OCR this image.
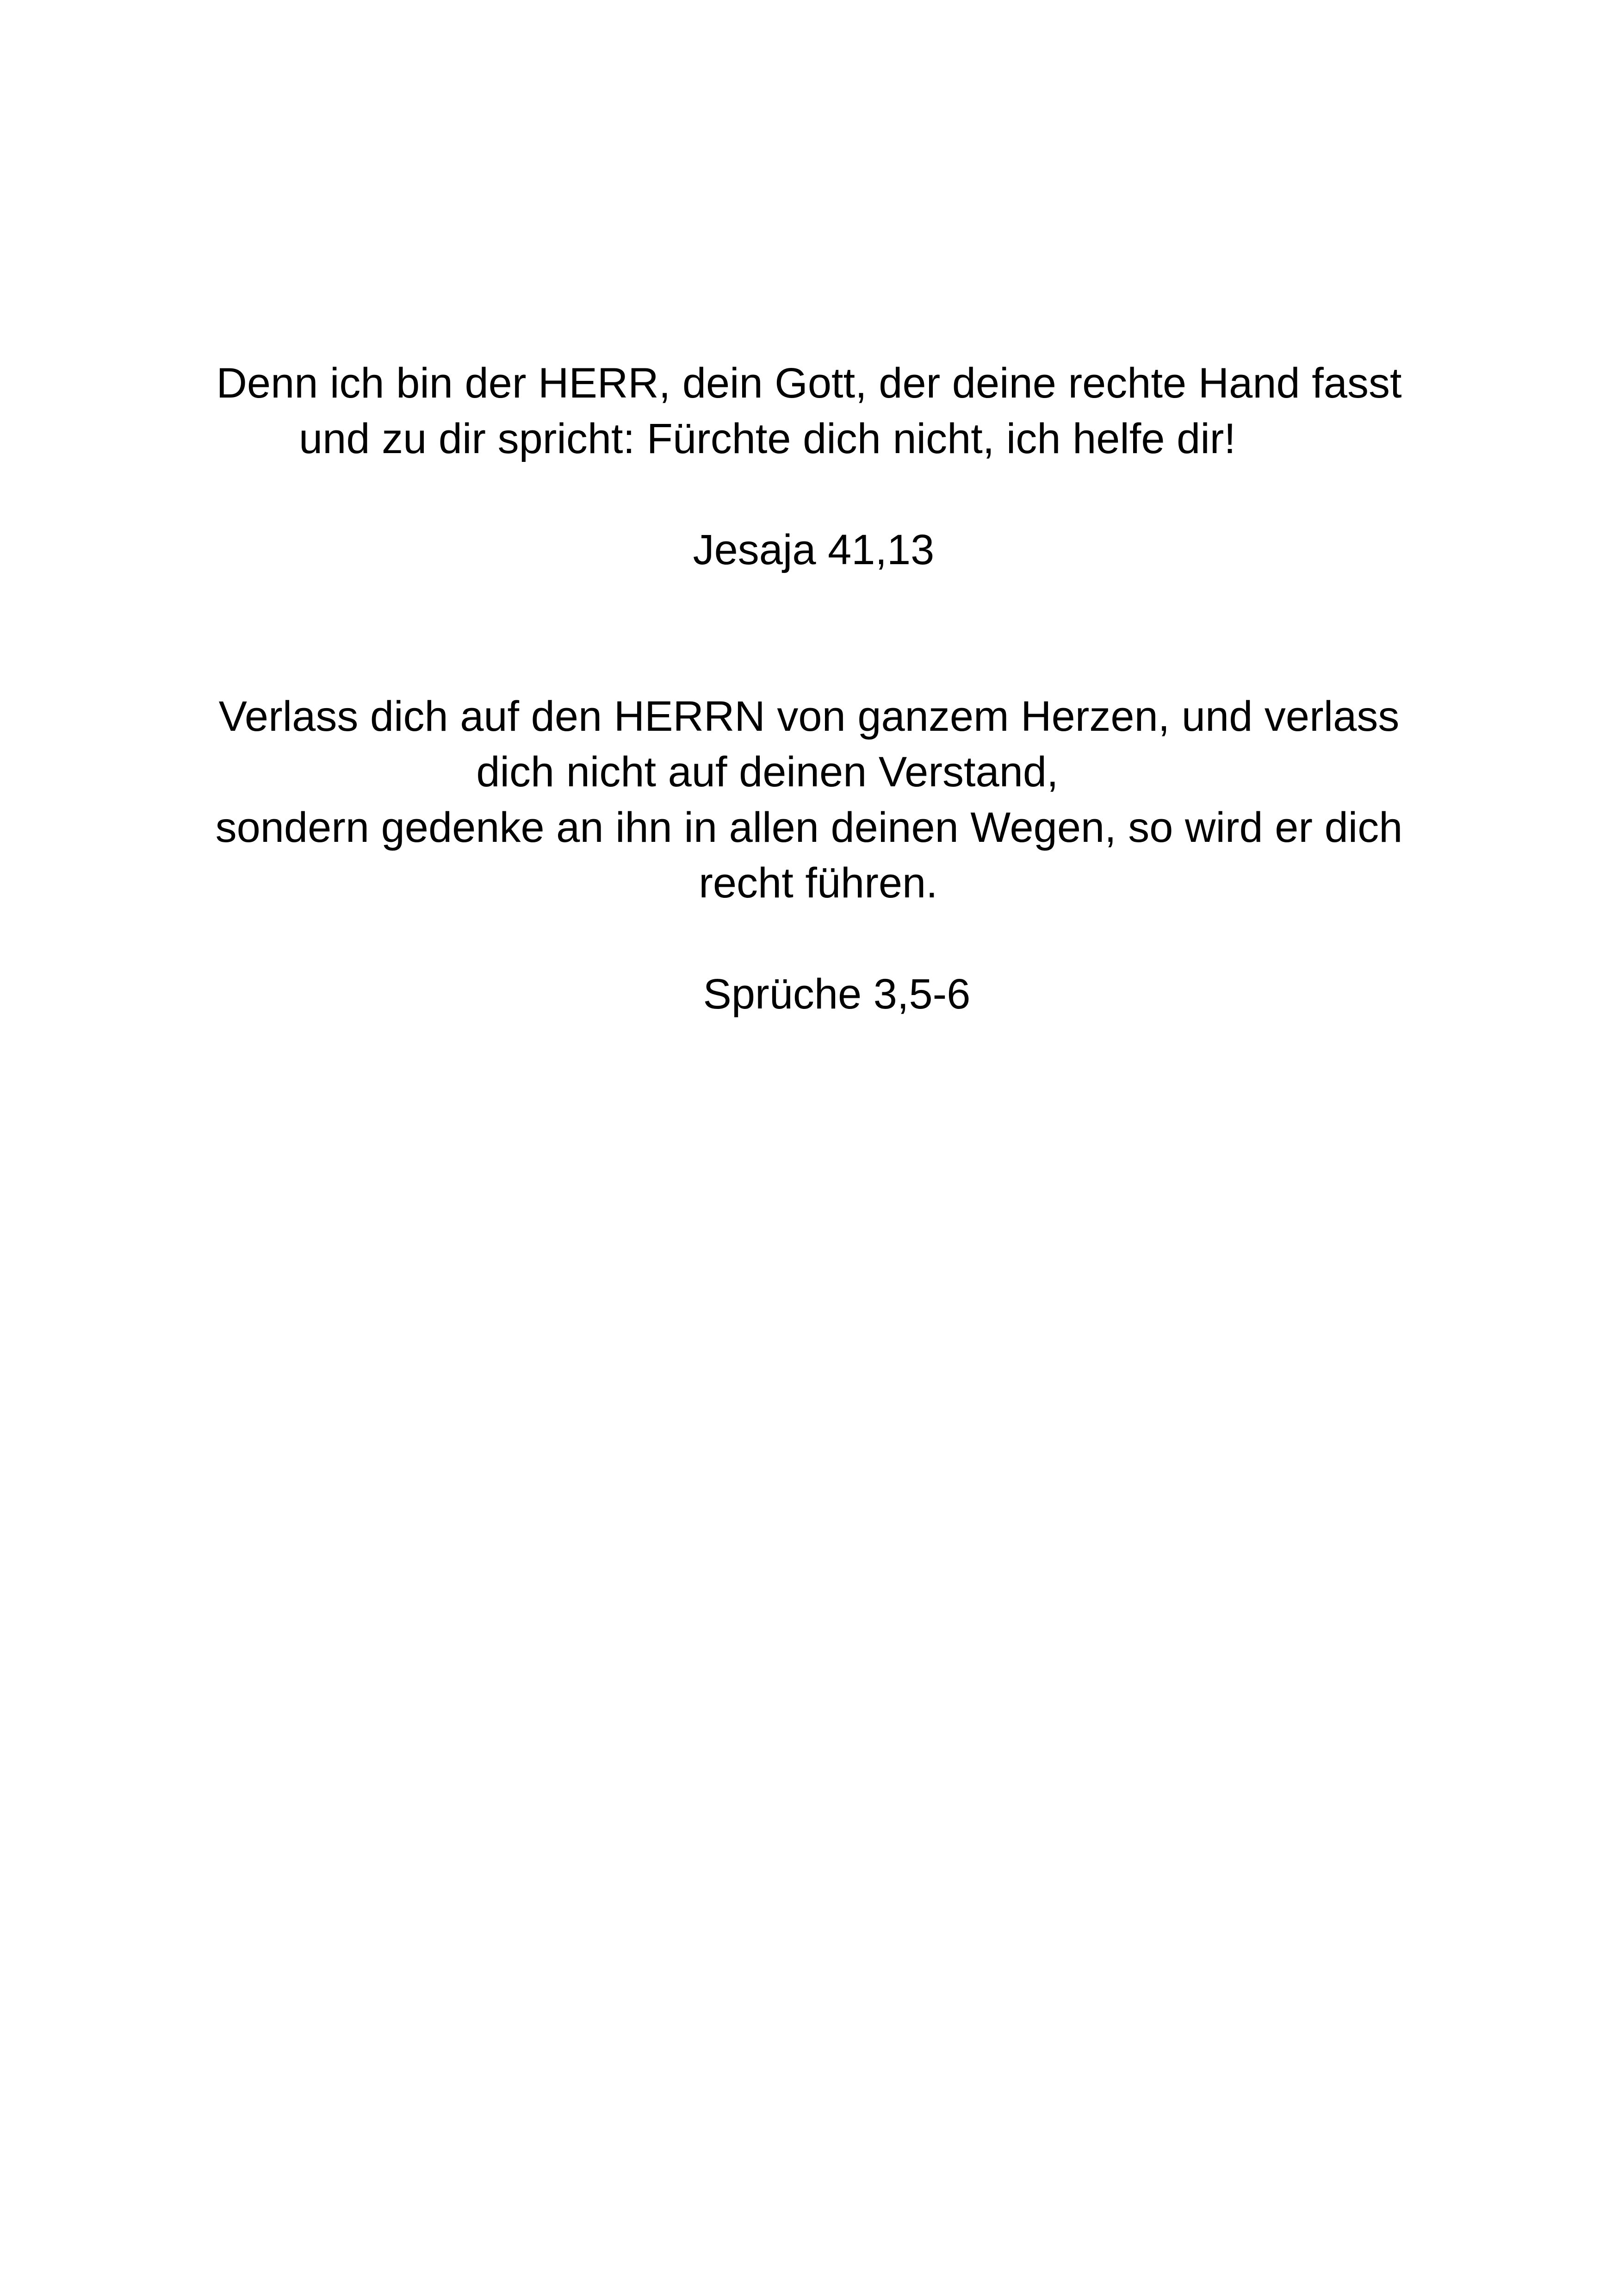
Denn ich bin der HERR, dein Gott, der deine rechte Hand fasst
und zu dir spricht: Fürchte dich nicht, ich helfe dir!
Jesaja 41,13
Verlass dich auf den HERRN von ganzem Herzen, und verlass
dich nicht auf deinen Verstand,
sondern gedenke an ihn in allen deinen Wegen, so wird er dich
recht führen.
Sprüche 3,5-6
